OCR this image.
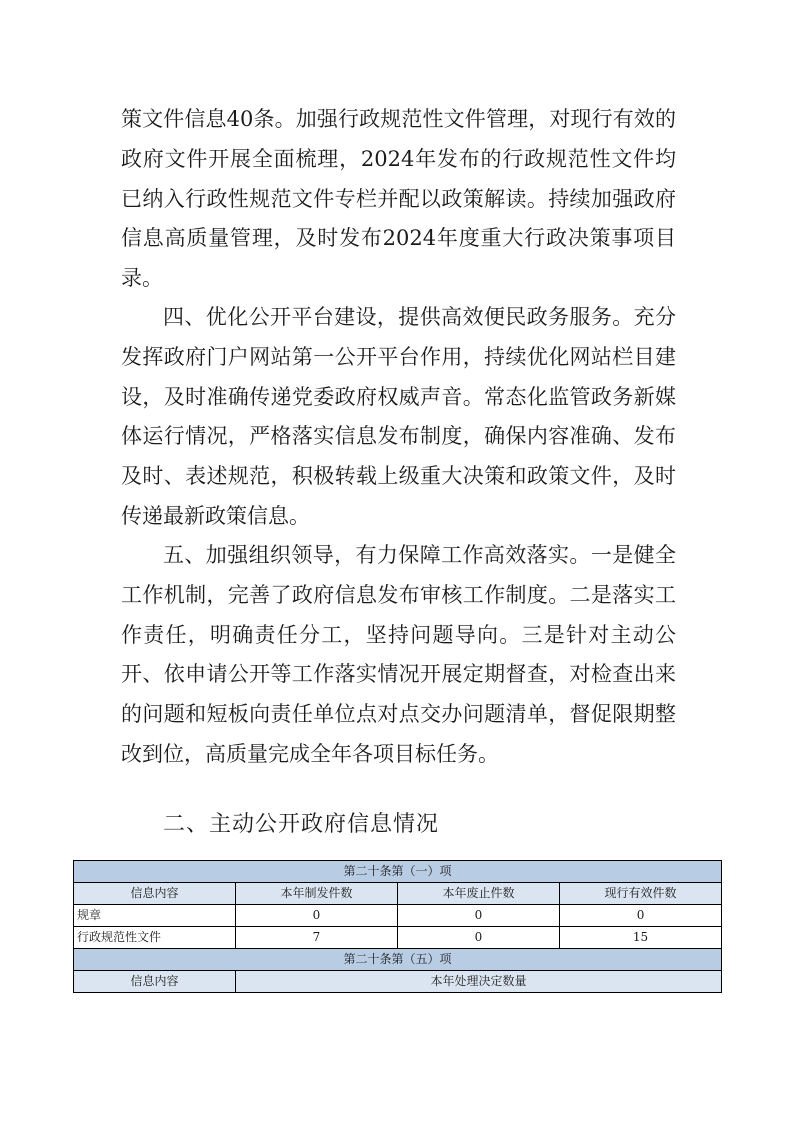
策文件信息40条。加强行政规范性文件管理，对现行有效的政府文件开展全面梳理，2024年发布的行政规范性文件均已纳入行政性规范文件专栏并配以政策解读。持续加强政府信息高质量管理，及时发布2024年度重大行政决策事项目录。

四、优化公开平台建设，提供高效便民政务服务。充分发挥政府门户网站第一公开平台作用，持续优化网站栏目建设，及时准确传递党委政府权威声音。常态化监管政务新媒体运行情况，严格落实信息发布制度，确保内容准确、发布及时、表述规范，积极转载上级重大决策和政策文件，及时传递最新政策信息。

五、加强组织领导，有力保障工作高效落实。一是健全工作机制，完善了政府信息发布审核工作制度。二是落实工作责任，明确责任分工，坚持问题导向。三是针对主动公开、依申请公开等工作落实情况开展定期督查，对检查出来的问题和短板向责任单位点对点交办问题清单，督促限期整改到位，高质量完成全年各项目标任务。

二、主动公开政府信息情况
第二十条第（一）项			
信息内容	本年制发件数	本年废止件数	现行有效件数
规章	0	0	0
行政规范性文件	7	0	15
第二十条第（五）项			
信息内容	本年处理决定数量		
